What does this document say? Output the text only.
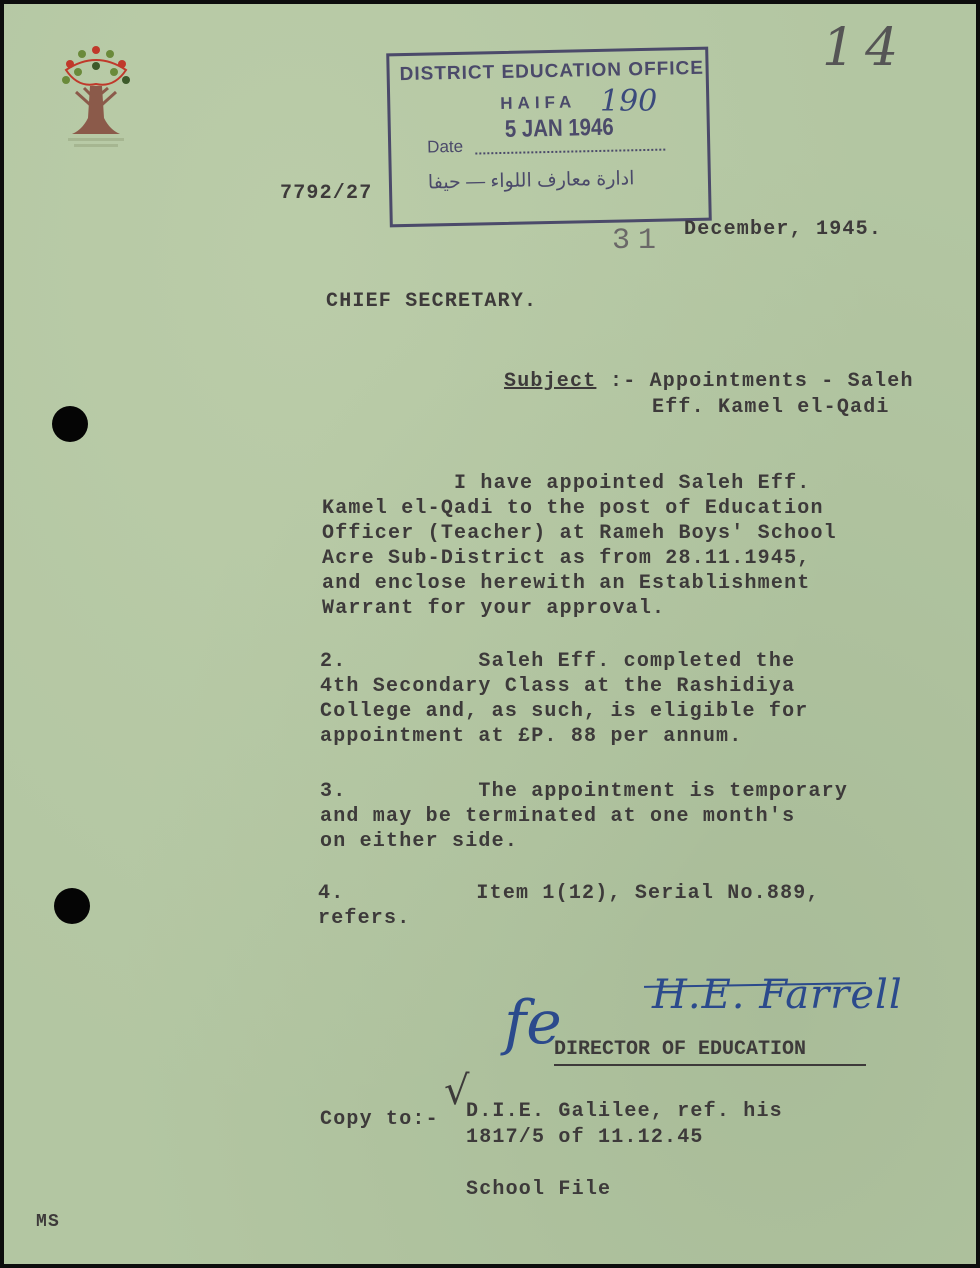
14
DISTRICT EDUCATION OFFICE
HAIFA
Date
5 JAN 1946
ادارة معارف اللواء — حيفا
190
7792/27
31 December, 1945.
CHIEF SECRETARY.
Subject :- Appointments - Saleh
Eff. Kamel el-Qadi

I have appointed Saleh Eff.

Kamel el-Qadi to the post of Education

Officer (Teacher) at Rameh Boys' School

Acre Sub-District as from 28.11.1945,

and enclose herewith an Establishment

Warrant for your approval.

2.          Saleh Eff. completed the

4th Secondary Class at the Rashidiya

College and, as such, is eligible for

appointment at £P. 88 per annum.

3.          The appointment is temporary

and may be terminated at one month's

on either side.

4.          Item 1(12), Serial No.889,

refers.

H.E. Farrell
fe
DIRECTOR OF EDUCATION
√
Copy to:- D.I.E. Galilee, ref. his
1817/5 of 11.12.45
School File
MS
